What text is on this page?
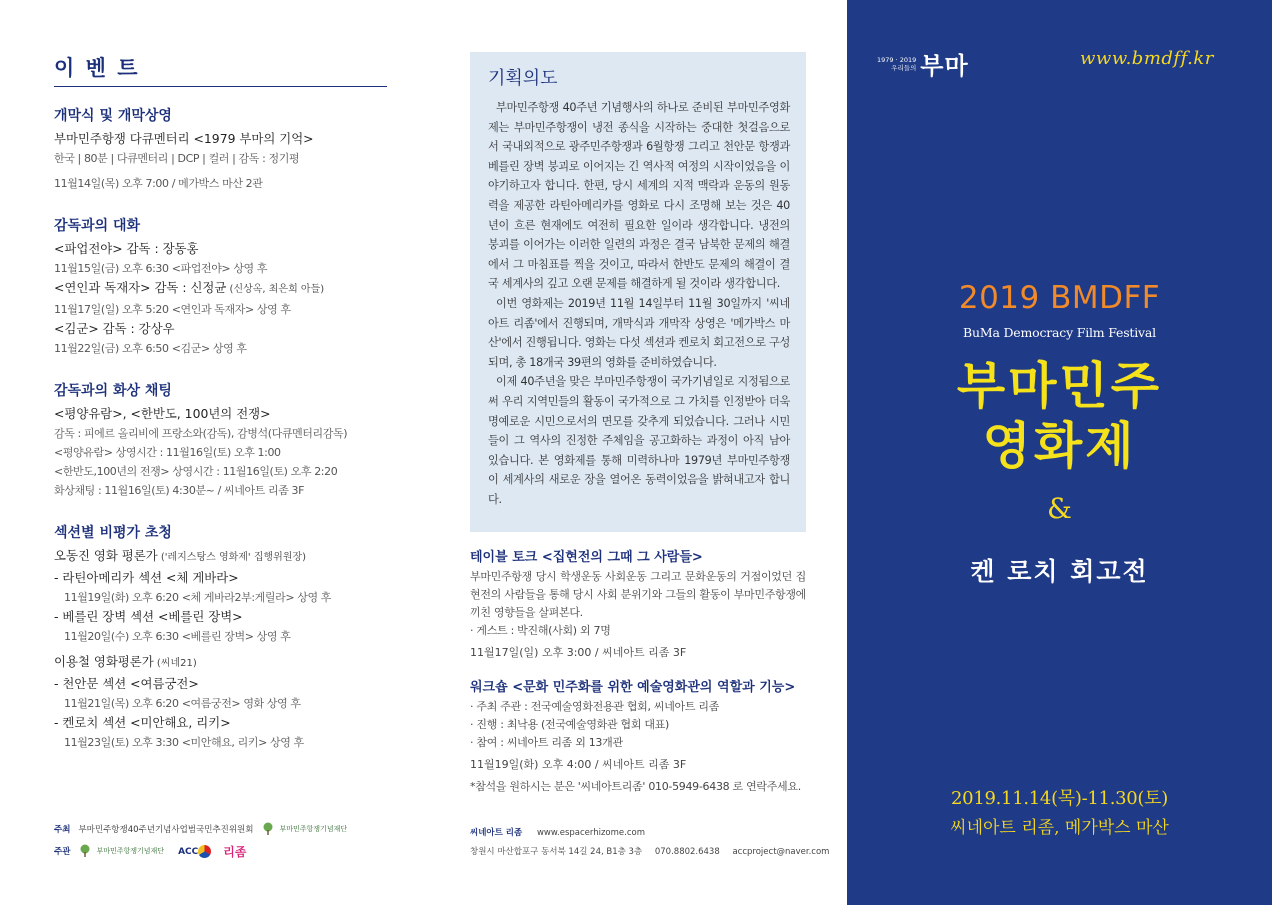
이 벤 트
개막식 및 개막상영
부마민주항쟁 다큐멘터리 <1979 부마의 기억>
한국 | 80분 | 다큐멘터리 | DCP | 컬러 | 감독 : 정기평
11월14일(목) 오후 7:00 / 메가박스 마산 2관
감독과의 대화
<파업전야> 감독 : 장동홍
11월15일(금) 오후 6:30 <파업전야> 상영 후
<연인과 독재자> 감독 : 신정균 (신상옥, 최은희 아들)
11월17일(일) 오후 5:20 <연인과 독재자> 상영 후
<김군> 감독 : 강상우
11월22일(금) 오후 6:50 <김군> 상영 후
감독과의 화상 채팅
<평양유람>, <한반도, 100년의 전쟁>
감독 : 피에르 올리비에 프랑소와(감독), 감병석(다큐멘터리감독)
<평양유람> 상영시간 : 11월16일(토) 오후 1:00
<한반도,100년의 전쟁> 상영시간 : 11월16일(토) 오후 2:20
화상채팅 : 11월16일(토) 4:30분~ / 씨네아트 리좀 3F
섹션별 비평가 초청
오동진 영화 평론가 ('레지스탕스 영화제' 집행위원장)
- 라틴아메리카 섹션 <체 게바라>
11월19일(화) 오후 6:20 <체 게바라2부:게릴라> 상영 후
- 베를린 장벽 섹션 <베를린 장벽>
11월20일(수) 오후 6:30 <베를린 장벽> 상영 후
이용철 영화평론가 (씨네21)
- 천안문 섹션 <여름궁전>
11월21일(목) 오후 6:20 <여름궁전> 영화 상영 후
- 켄로치 섹션 <미안해요, 리키>
11월23일(토) 오후 3:30 <미안해요, 리키> 상영 후
주최 부마민주항쟁40주년기념사업범국민추진위원회	부마민주항쟁기념재단
주관	부마민주항쟁기념재단 ACC	리좀
기획의도

부마민주항쟁 40주년 기념행사의 하나로 준비된 부마민주영화제는 부마민주항쟁이 냉전 종식을 시작하는 중대한 첫걸음으로서 국내외적으로 광주민주항쟁과 6월항쟁 그리고 천안문 항쟁과 베를린 장벽 붕괴로 이어지는 긴 역사적 여정의 시작이었음을 이야기하고자 합니다. 한편, 당시 세계의 지적 맥락과 운동의 원동력을 제공한 라틴아메리카를 영화로 다시 조명해 보는 것은 40년이 흐른 현재에도 여전히 필요한 일이라 생각합니다. 냉전의 붕괴를 이어가는 이러한 일련의 과정은 결국 남북한 문제의 해결에서 그 마침표를 찍을 것이고, 따라서 한반도 문제의 해결이 결국 세계사의 깊고 오랜 문제를 해결하게 될 것이라 생각합니다.

이번 영화제는 2019년 11월 14일부터 11월 30일까지 '씨네아트 리좀'에서 진행되며, 개막식과 개막작 상영은 '메가박스 마산'에서 진행됩니다. 영화는 다섯 섹션과 켄로치 회고전으로 구성되며, 총 18개국 39편의 영화를 준비하였습니다.

이제 40주년을 맞은 부마민주항쟁이 국가기념일로 지정됨으로써 우리 지역민들의 활동이 국가적으로 그 가치를 인정받아 더욱 명예로운 시민으로서의 면모를 갖추게 되었습니다. 그러나 시민들이 그 역사의 진정한 주체임을 공고화하는 과정이 아직 남아 있습니다. 본 영화제를 통해 미력하나마 1979년 부마민주항쟁이 세계사의 새로운 장을 열어온 동력이었음을 밝혀내고자 합니다.

테이블 토크 <집현전의 그때 그 사람들>

부마민주항쟁 당시 학생운동 사회운동 그리고 문화운동의 거점이었던 집현전의 사람들을 통해 당시 사회 분위기와 그들의 활동이 부마민주항쟁에 끼친 영향들을 살펴본다.

· 게스트 : 박진해(사회) 외 7명
11월17일(일) 오후 3:00 / 씨네아트 리좀 3F
워크숍 <문화 민주화를 위한 예술영화관의 역할과 기능>
· 주최 주관 : 전국예술영화전용관 협회, 씨네아트 리좀
· 진행 : 최낙용 (전국예술영화관 협회 대표)
· 참여 : 씨네아트 리좀 외 13개관
11월19일(화) 오후 4:00 / 씨네아트 리좀 3F
*참석을 원하시는 분은 '씨네아트리좀' 010-5949-6438 로 연락주세요.
씨네아트 리좀 www.espacerhizome.com
창원시 마산합포구 동서북 14길 24, B1층 3층 070.8802.6438 accproject@naver.com
1979 · 2019
우리들의 부마	www.bmdff.kr
2019 BMDFF
BuMa Democracy Film Festival
부마민주
영화제
&
켄 로치 회고전
2019.11.14(목)-11.30(토)
씨네아트 리좀, 메가박스 마산
